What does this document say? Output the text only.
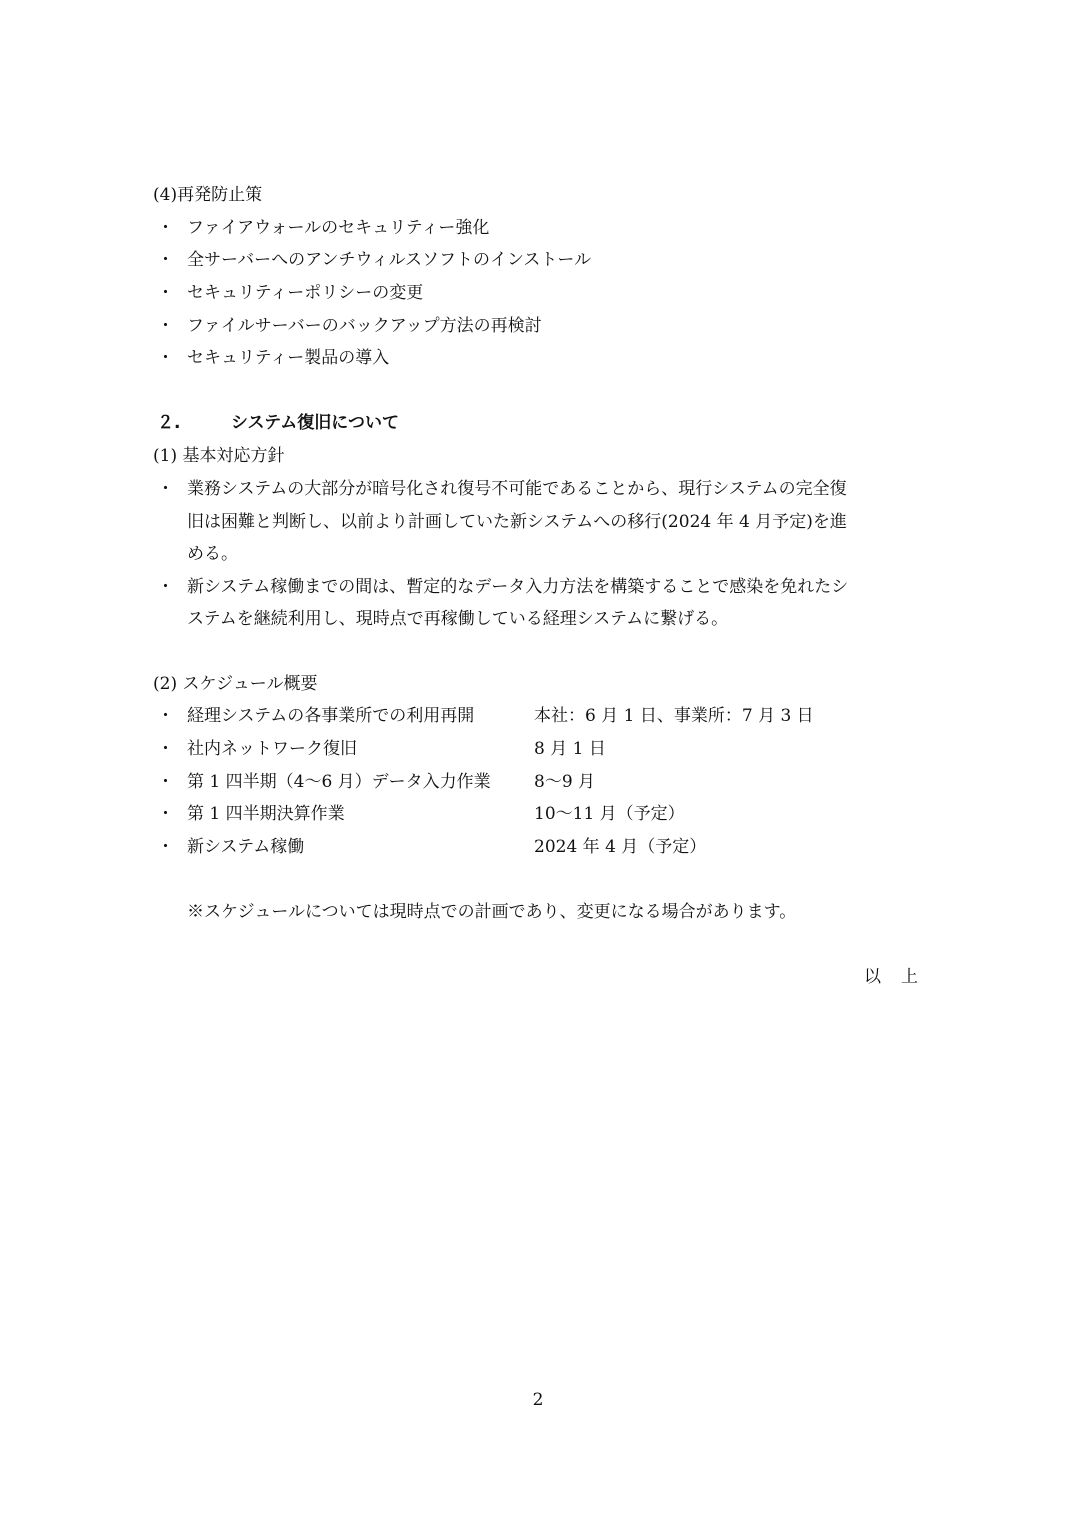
(4)再発防止策
・ ファイアウォールのセキュリティー強化
・ 全サーバーへのアンチウィルスソフトのインストール
・ セキュリティーポリシーの変更
・ ファイルサーバーのバックアップ方法の再検討
・ セキュリティー製品の導入
２.	システム復旧について
(1) 基本対応方針
・ 業務システムの大部分が暗号化され復号不可能であることから、現行システムの完全復
旧は困難と判断し、以前より計画していた新システムへの移行(2024 年 4 月予定)を進
める。
・ 新システム稼働までの間は、暫定的なデータ入力方法を構築することで感染を免れたシ
ステムを継続利用し、現時点で再稼働している経理システムに繋げる。
(2) スケジュール概要
・ 経理システムの各事業所での利用再開	本社：6 月 1 日、事業所：7 月 3 日
・ 社内ネットワーク復旧	8 月 1 日
・ 第 1 四半期（4～6 月）データ入力作業	8～9 月
・ 第 1 四半期決算作業	10～11 月（予定）
・ 新システム稼働	2024 年 4 月（予定）
※スケジュールについては現時点での計画であり、変更になる場合があります。
以上
2
